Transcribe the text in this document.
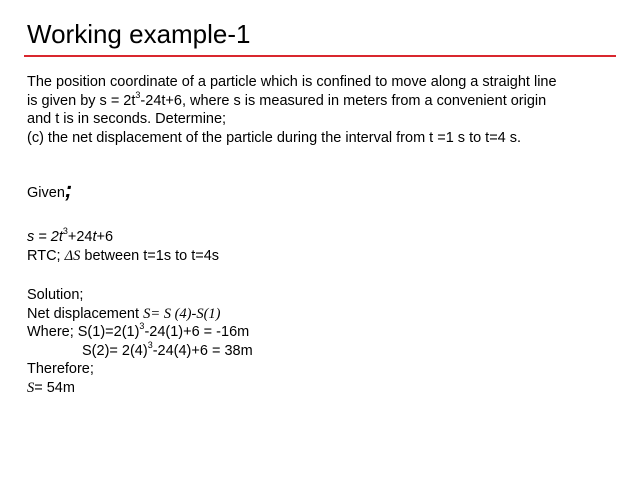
Working example-1
The position coordinate of a particle which is confined to move along a straight line
is given by $s = 2t^3-24t+6$, where s is measured in meters from a convenient origin
and t is in seconds. Determine;
(c) the net displacement of the particle during the interval from t =1 s to t=4 s.
Given;
$s = 2t^3+24t+6$
RTC; ΔS between t=1s to t=4s
Solution;
Net displacement S= S (4)-S(1)
Where; $S(1)=2(1)^3-24(1)+6 = -16m$
$S(2)= 2(4)^3-24(4)+6 = 38m$
Therefore;
S= 54m
